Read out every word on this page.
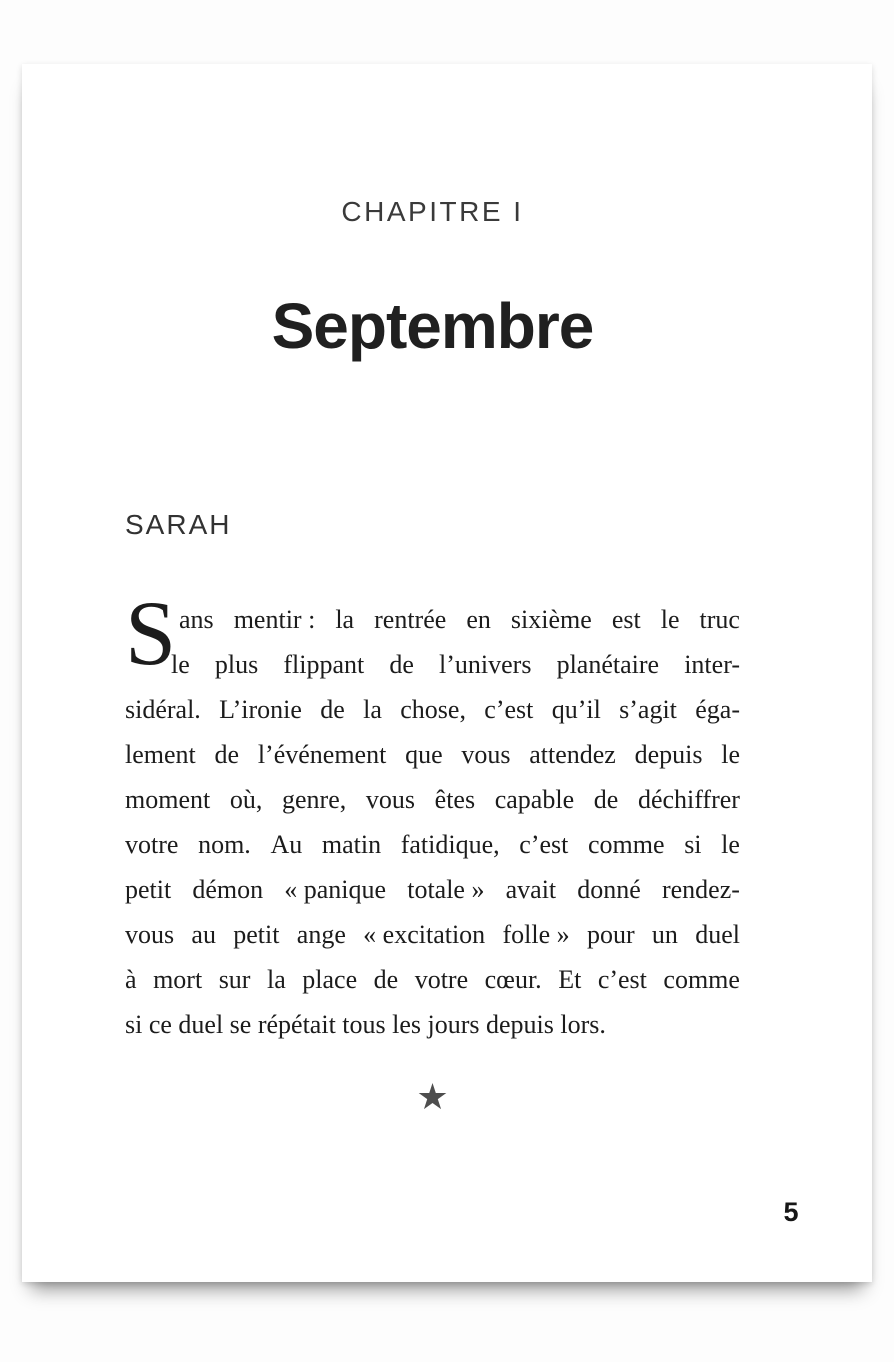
CHAPITRE I
Septembre
SARAH
S ans mentir : la rentrée en sixième est le truc
le plus flippant de l’univers planétaire inter-
sidéral. L’ironie de la chose, c’est qu’il s’agit éga-
lement de l’événement que vous attendez depuis le
moment où, genre, vous êtes capable de déchiffrer
votre nom. Au matin fatidique, c’est comme si le
petit démon « panique totale » avait donné rendez-
vous au petit ange « excitation folle » pour un duel
à mort sur la place de votre cœur. Et c’est comme
si ce duel se répétait tous les jours depuis lors.
★
5
